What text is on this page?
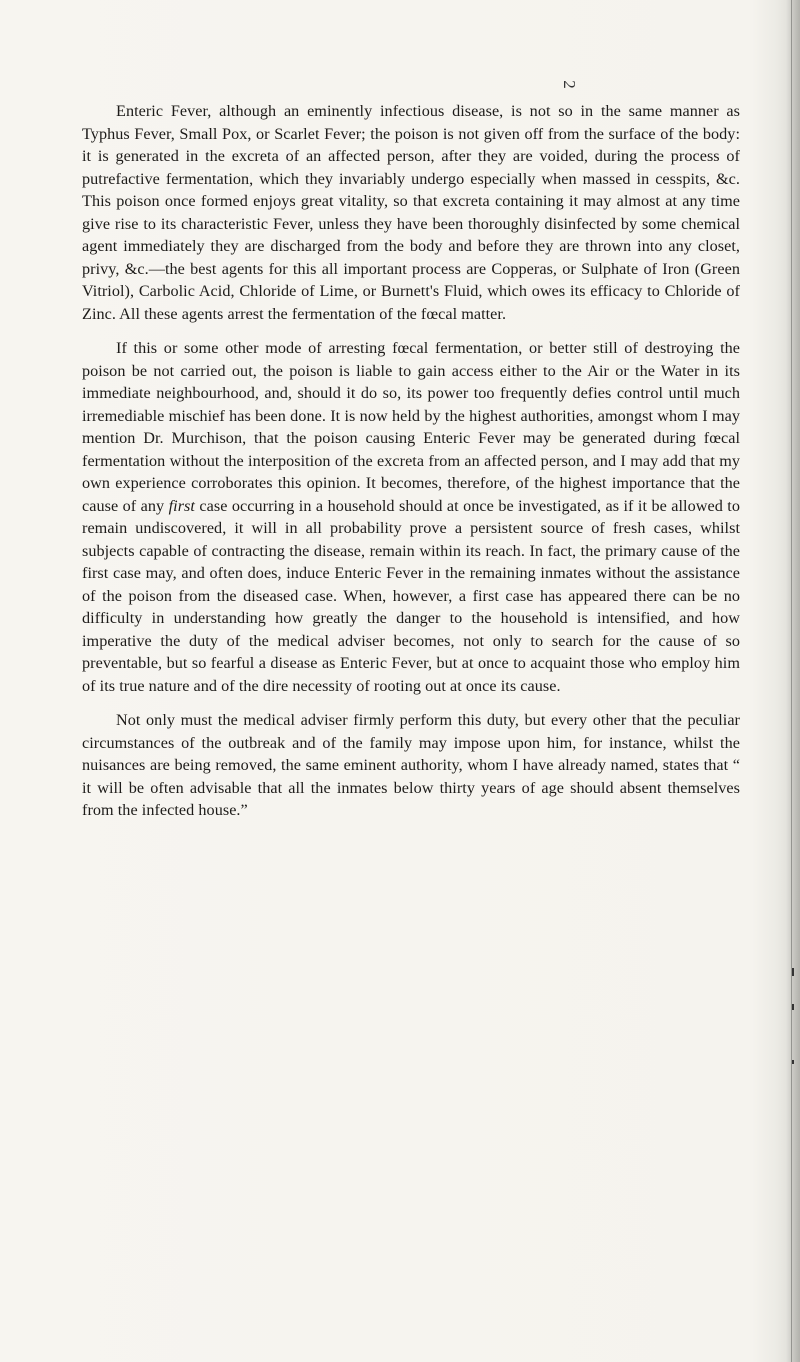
2

Enteric Fever, although an eminently infectious disease, is not so in the same manner as Typhus Fever, Small Pox, or Scarlet Fever; the poison is not given off from the surface of the body: it is generated in the excreta of an affected person, after they are voided, during the process of putrefactive fermentation, which they invariably undergo especially when massed in cesspits, &c. This poison once formed enjoys great vitality, so that excreta containing it may almost at any time give rise to its characteristic Fever, unless they have been thoroughly disinfected by some chemical agent immediately they are discharged from the body and before they are thrown into any closet, privy, &c.—the best agents for this all important process are Copperas, or Sulphate of Iron (Green Vitriol), Carbolic Acid, Chloride of Lime, or Burnett's Fluid, which owes its efficacy to Chloride of Zinc. All these agents arrest the fermentation of the fœcal matter.

If this or some other mode of arresting fœcal fermentation, or better still of destroying the poison be not carried out, the poison is liable to gain access either to the Air or the Water in its immediate neighbourhood, and, should it do so, its power too frequently defies control until much irremediable mischief has been done. It is now held by the highest authorities, amongst whom I may mention Dr. Murchison, that the poison causing Enteric Fever may be generated during fœcal fermentation without the interposition of the excreta from an affected person, and I may add that my own experience corroborates this opinion. It becomes, therefore, of the highest importance that the cause of any first case occurring in a household should at once be investigated, as if it be allowed to remain undiscovered, it will in all probability prove a persistent source of fresh cases, whilst subjects capable of contracting the disease, remain within its reach. In fact, the primary cause of the first case may, and often does, induce Enteric Fever in the remaining inmates without the assistance of the poison from the diseased case. When, however, a first case has appeared there can be no difficulty in understanding how greatly the danger to the household is intensified, and how imperative the duty of the medical adviser becomes, not only to search for the cause of so preventable, but so fearful a disease as Enteric Fever, but at once to acquaint those who employ him of its true nature and of the dire necessity of rooting out at once its cause.

Not only must the medical adviser firmly perform this duty, but every other that the peculiar circumstances of the outbreak and of the family may impose upon him, for instance, whilst the nuisances are being removed, the same eminent authority, whom I have already named, states that “ it will be often advisable that all the inmates below thirty years of age should absent themselves from the infected house.”
